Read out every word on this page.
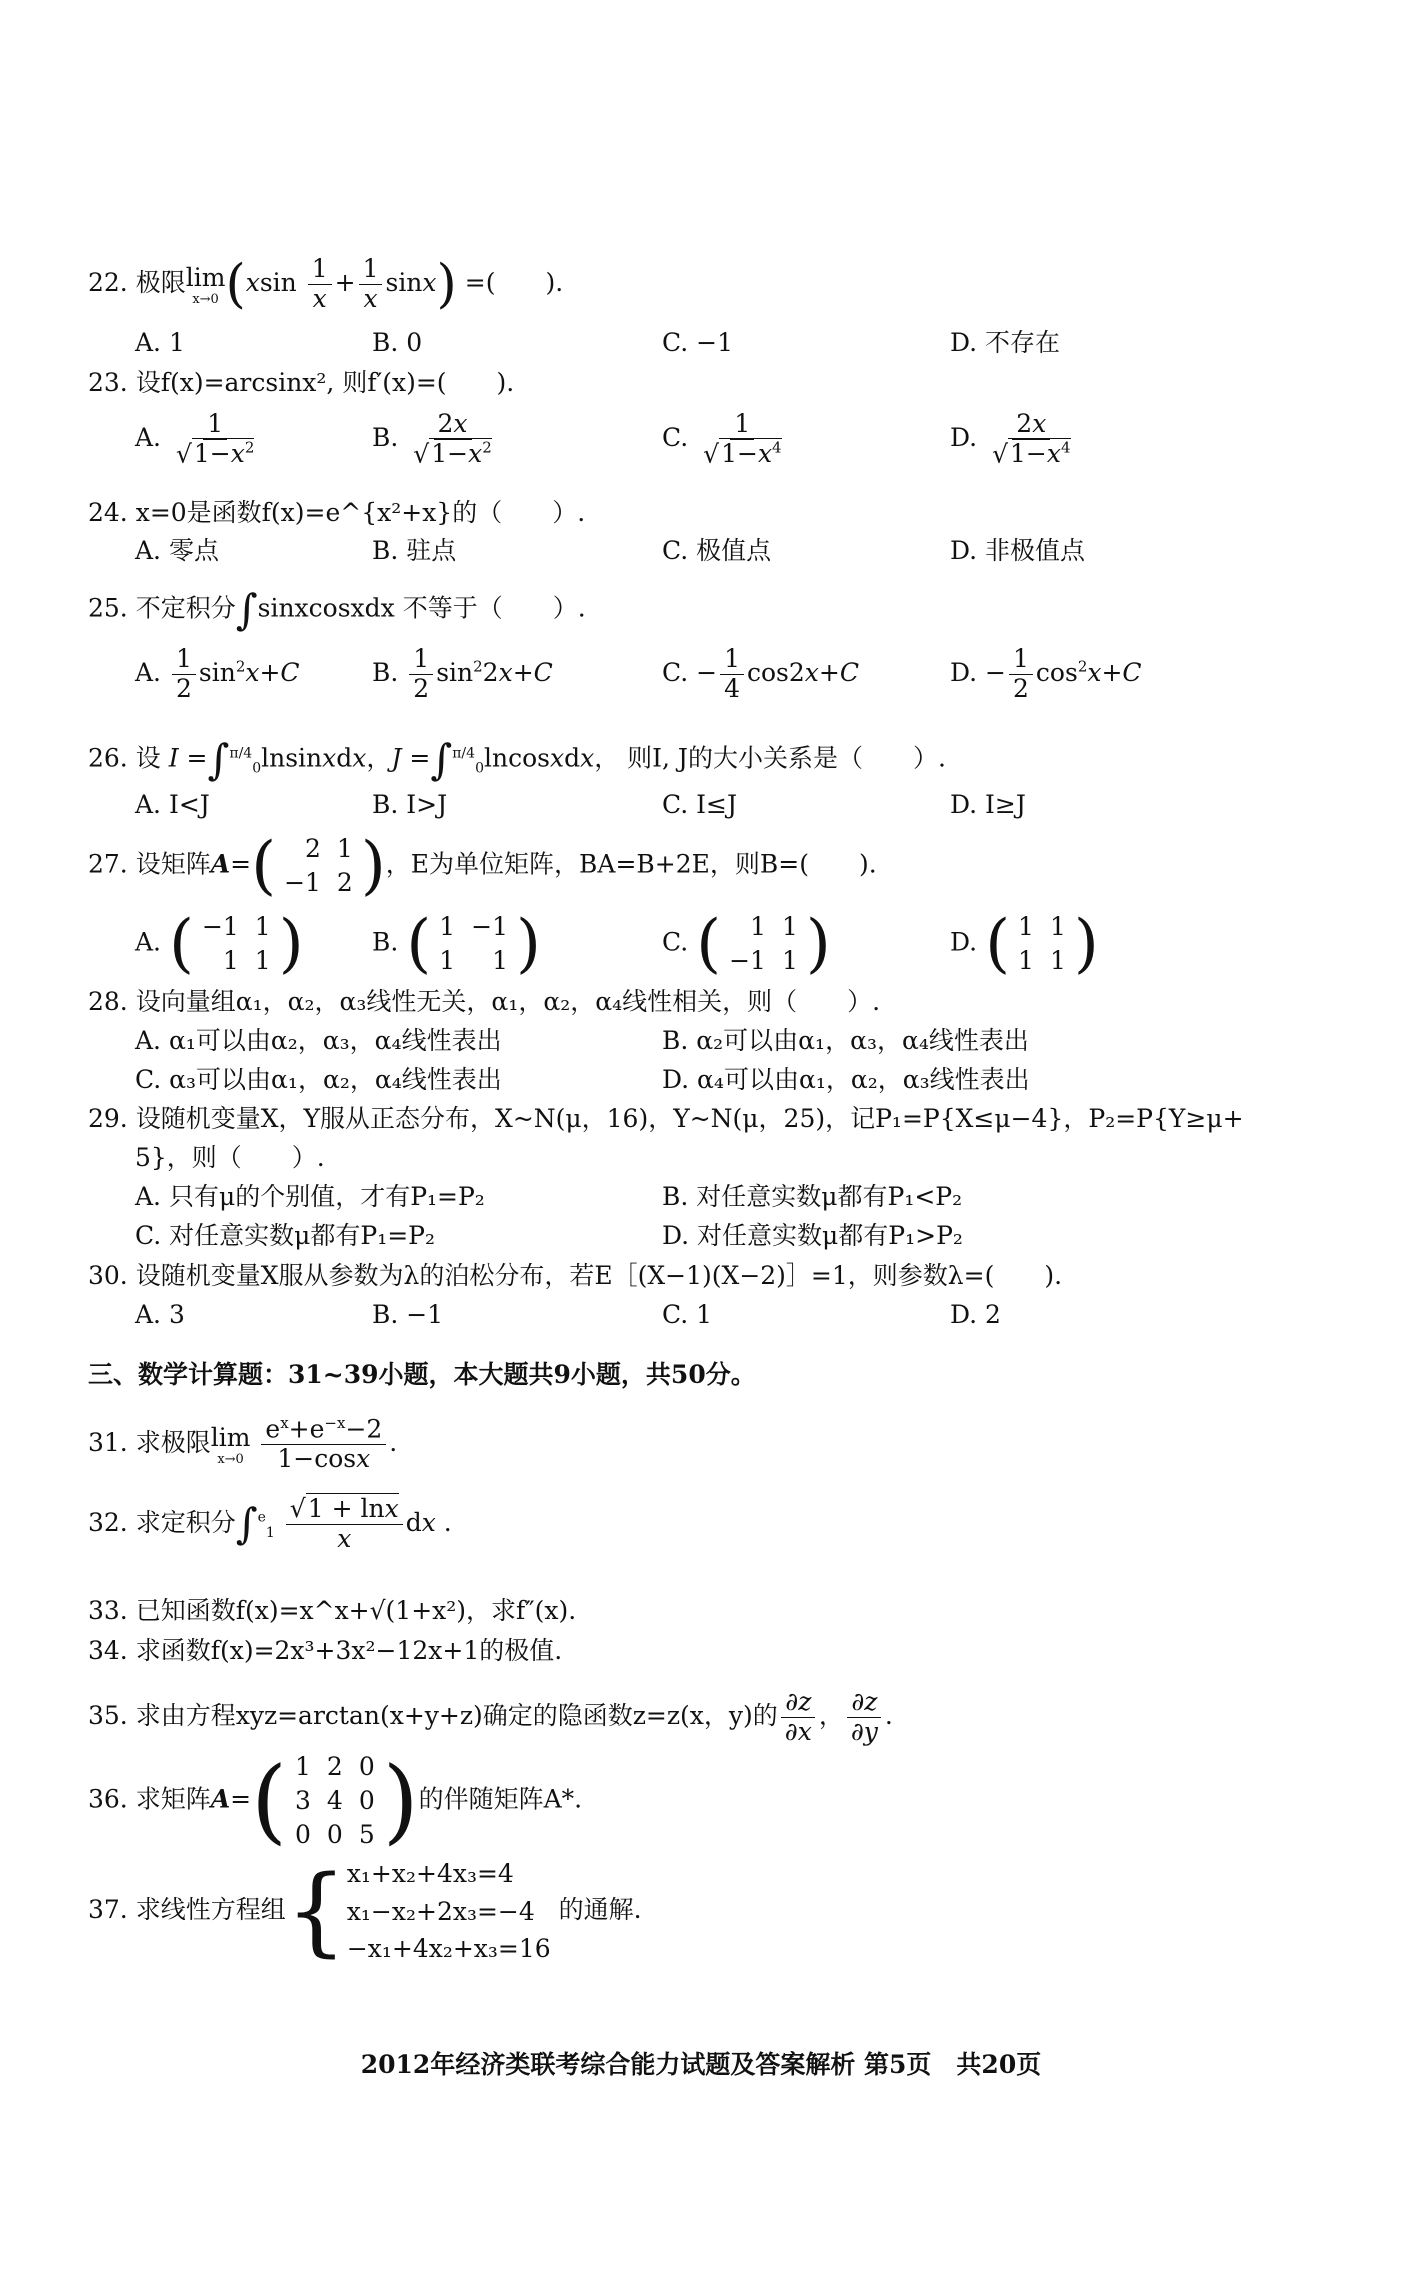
22. 极限 lim
x→0 $(xsin \frac{1}{x} + \frac{1}{x} \sin x)$ =(　　).
A. 1	B. 0	C. −1	D. 不存在
23. 设f(x)=arcsinx², 则f′(x)=(　　).
A. $\frac{1}{√1-x^2}$	B. $\frac{2x}{√1-x^2}$	C. $\frac{1}{√1-x^4}$	D. $\frac{2x}{√1-x^4}$
24. x=0是函数f(x)=e^{x²+x}的（　　）.
A. 零点	B. 驻点	C. 极值点	D. 非极值点
25. 不定积分∫sinxcosxdx 不等于（　　）.
A. $\frac{1}{2} \sin^2x+C$	B. $\frac{1}{2} \sin^22x+C$	C. − $\frac{1}{4} \cos 2x+C$	D. − $\frac{1}{2} \cos^2x+C$
26. 设 I =∫$^{\pi/4}_0$lnsinxdx，J =∫$^{\pi/4}_0$lncosxdx， 则I, J的大小关系是（　　）.
A. I<J	B. I>J	C. I≤J	D. I≥J
27. 设矩阵A= ( 2	1
−1	2 ) ，E为单位矩阵，BA=B+2E，则B=(　　).
A. ( −1	1
1	1 )	B. ( 1	−1
1	1 )	C. ( 1	1
−1	1 )	D. ( 1	1
1	1 )
28. 设向量组α₁，α₂，α₃线性无关，α₁，α₂，α₄线性相关，则（　　）.
A. α₁可以由α₂，α₃，α₄线性表出	B. α₂可以由α₁，α₃，α₄线性表出
C. α₃可以由α₁，α₂，α₄线性表出	D. α₄可以由α₁，α₂，α₃线性表出
29. 设随机变量X，Y服从正态分布，X~N(μ，16)，Y~N(μ，25)，记P₁=P{X≤μ−4}，P₂=P{Y≥μ+
5}，则（　　）.
A. 只有μ的个别值，才有P₁=P₂	B. 对任意实数μ都有P₁<P₂
C. 对任意实数μ都有P₁=P₂	D. 对任意实数μ都有P₁>P₂
30. 设随机变量X服从参数为λ的泊松分布，若E［(X−1)(X−2)］=1，则参数λ=(　　).
A. 3	B. −1	C. 1	D. 2
三、数学计算题：31~39小题，本大题共9小题，共50分。
31. 求极限 lim
x→0
$\frac{e^x+e^{-x}-2}{1-\cos x}$ .
32. 求定积分$\int^e_1 \frac{√1 + \ln x}{x}$ dx .
33. 已知函数f(x)=x^x+√(1+x²)，求f″(x).
34. 求函数f(x)=2x³+3x²−12x+1的极值.
35. 求由方程xyz=arctan(x+y+z)确定的隐函数z=z(x，y)的 $\frac{\partial z}{\partial x}$ ， $\frac{\partial z}{\partial y}$ .
36. 求矩阵A= ( 1	2	0
3	4	0
0	0	5 ) 的伴随矩阵A*.
37. 求线性方程组 { x₁+x₂+4x₃=4
x₁−x₂+2x₃=−4
−x₁+4x₂+x₃=16
的通解.
2012年经济类联考综合能力试题及答案解析 第5页　共20页
